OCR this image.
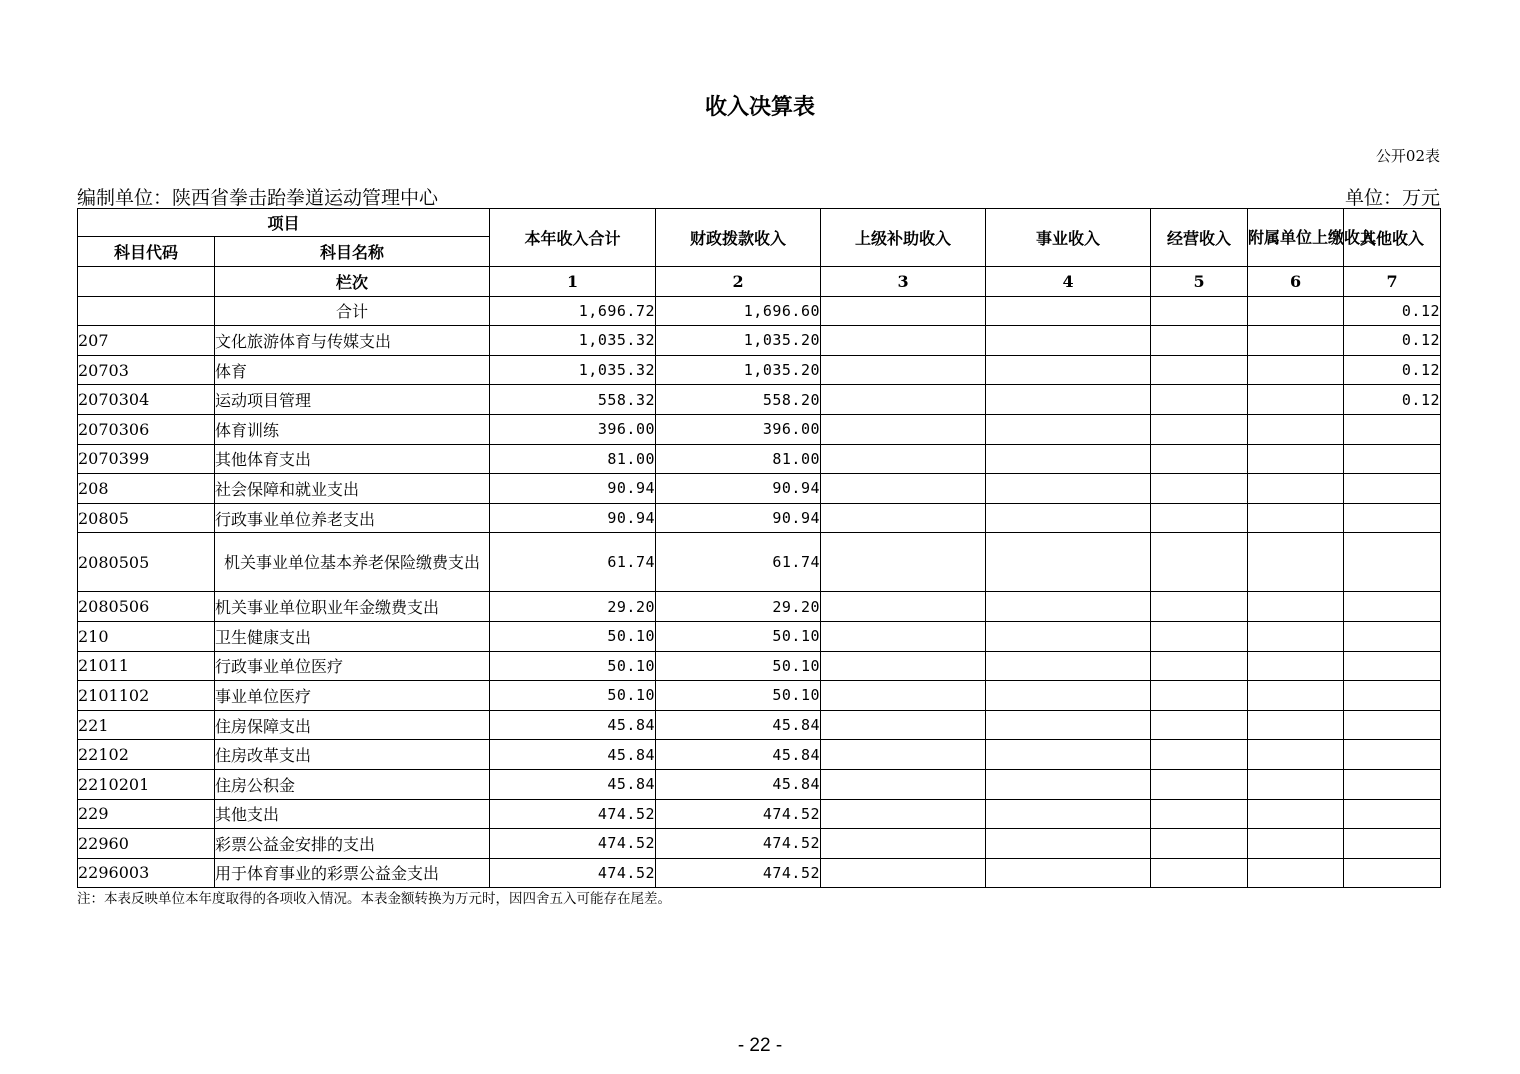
收入决算表
公开02表
编制单位：陕西省拳击跆拳道运动管理中心	单位：万元
项目		本年收入合计	财政拨款收入	上级补助收入	事业收入	经营收入	附属单位上缴收入	其他收入
科目代码	科目名称							
	栏次	1	2	3	4	5	6	7
	合计	1,696.72	1,696.60					0.12
207	文化旅游体育与传媒支出	1,035.32	1,035.20					0.12
20703	体育	1,035.32	1,035.20					0.12
2070304	运动项目管理	558.32	558.20					0.12
2070306	体育训练	396.00	396.00					
2070399	其他体育支出	81.00	81.00					
208	社会保障和就业支出	90.94	90.94					
20805	行政事业单位养老支出	90.94	90.94					
2080505	机关事业单位基本养老保险缴费支出	61.74	61.74					
2080506	机关事业单位职业年金缴费支出	29.20	29.20					
210	卫生健康支出	50.10	50.10					
21011	行政事业单位医疗	50.10	50.10					
2101102	事业单位医疗	50.10	50.10					
221	住房保障支出	45.84	45.84					
22102	住房改革支出	45.84	45.84					
2210201	住房公积金	45.84	45.84					
229	其他支出	474.52	474.52					
22960	彩票公益金安排的支出	474.52	474.52					
2296003	用于体育事业的彩票公益金支出	474.52	474.52					
注：本表反映单位本年度取得的各项收入情况。本表金额转换为万元时，因四舍五入可能存在尾差。
- 22 -
